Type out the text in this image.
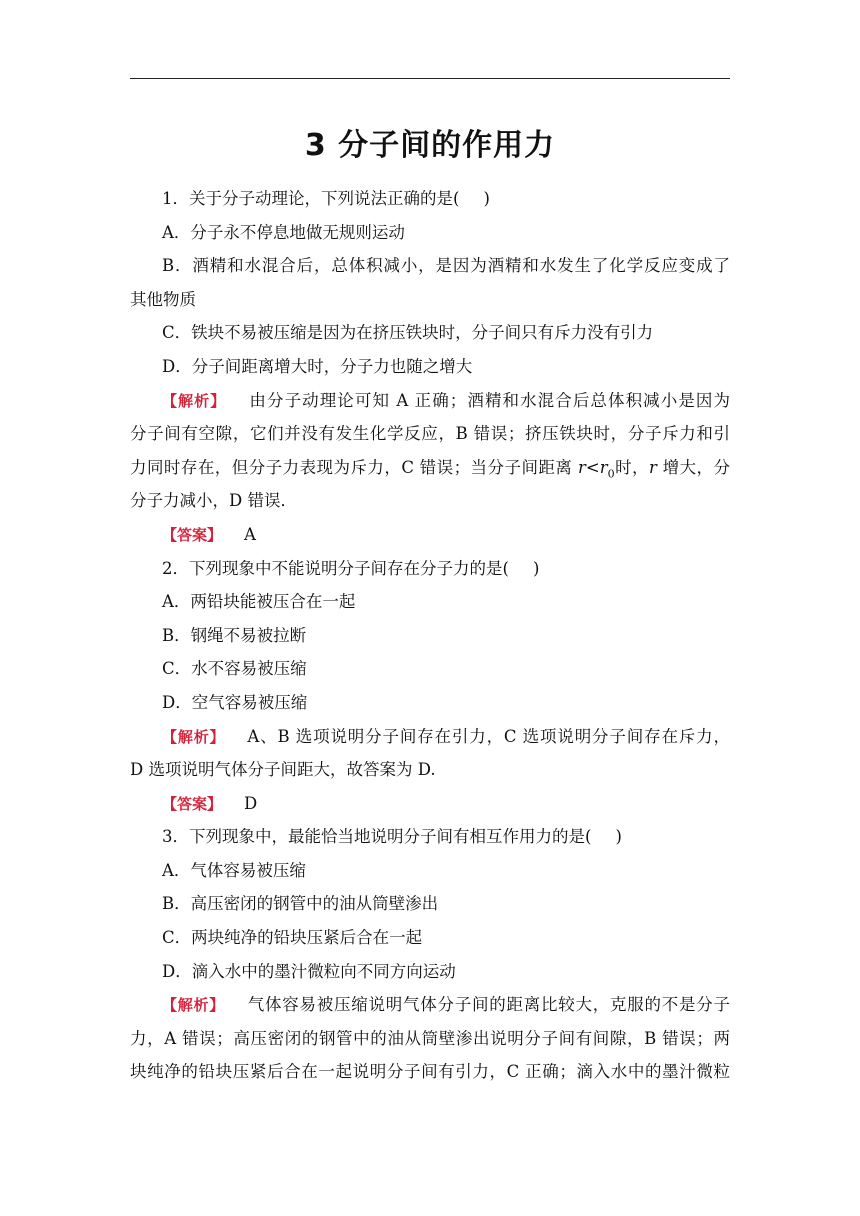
3 分子间的作用力
1．关于分子动理论，下列说法正确的是( )
A．分子永不停息地做无规则运动
B．酒精和水混合后，总体积减小，是因为酒精和水发生了化学反应变成了
其他物质
C．铁块不易被压缩是因为在挤压铁块时，分子间只有斥力没有引力
D．分子间距离增大时，分子力也随之增大
【解析】 由分子动理论可知 A 正确；酒精和水混合后总体积减小是因为
分子间有空隙，它们并没有发生化学反应，B 错误；挤压铁块时，分子斥力和引
力同时存在，但分子力表现为斥力，C 错误；当分子间距离 $r<r_0$时，r 增大，分
分子力减小，D 错误．
【答案】 A
2．下列现象中不能说明分子间存在分子力的是( )
A．两铅块能被压合在一起
B．钢绳不易被拉断
C．水不容易被压缩
D．空气容易被压缩
【解析】 A、B 选项说明分子间存在引力，C 选项说明分子间存在斥力，
D 选项说明气体分子间距大，故答案为 D.
【答案】 D
3．下列现象中，最能恰当地说明分子间有相互作用力的是( )
A．气体容易被压缩
B．高压密闭的钢管中的油从筒壁渗出
C．两块纯净的铅块压紧后合在一起
D．滴入水中的墨汁微粒向不同方向运动
【解析】 气体容易被压缩说明气体分子间的距离比较大，克服的不是分子
力，A 错误；高压密闭的钢管中的油从筒壁渗出说明分子间有间隙，B 错误；两
块纯净的铅块压紧后合在一起说明分子间有引力，C 正确；滴入水中的墨汁微粒
